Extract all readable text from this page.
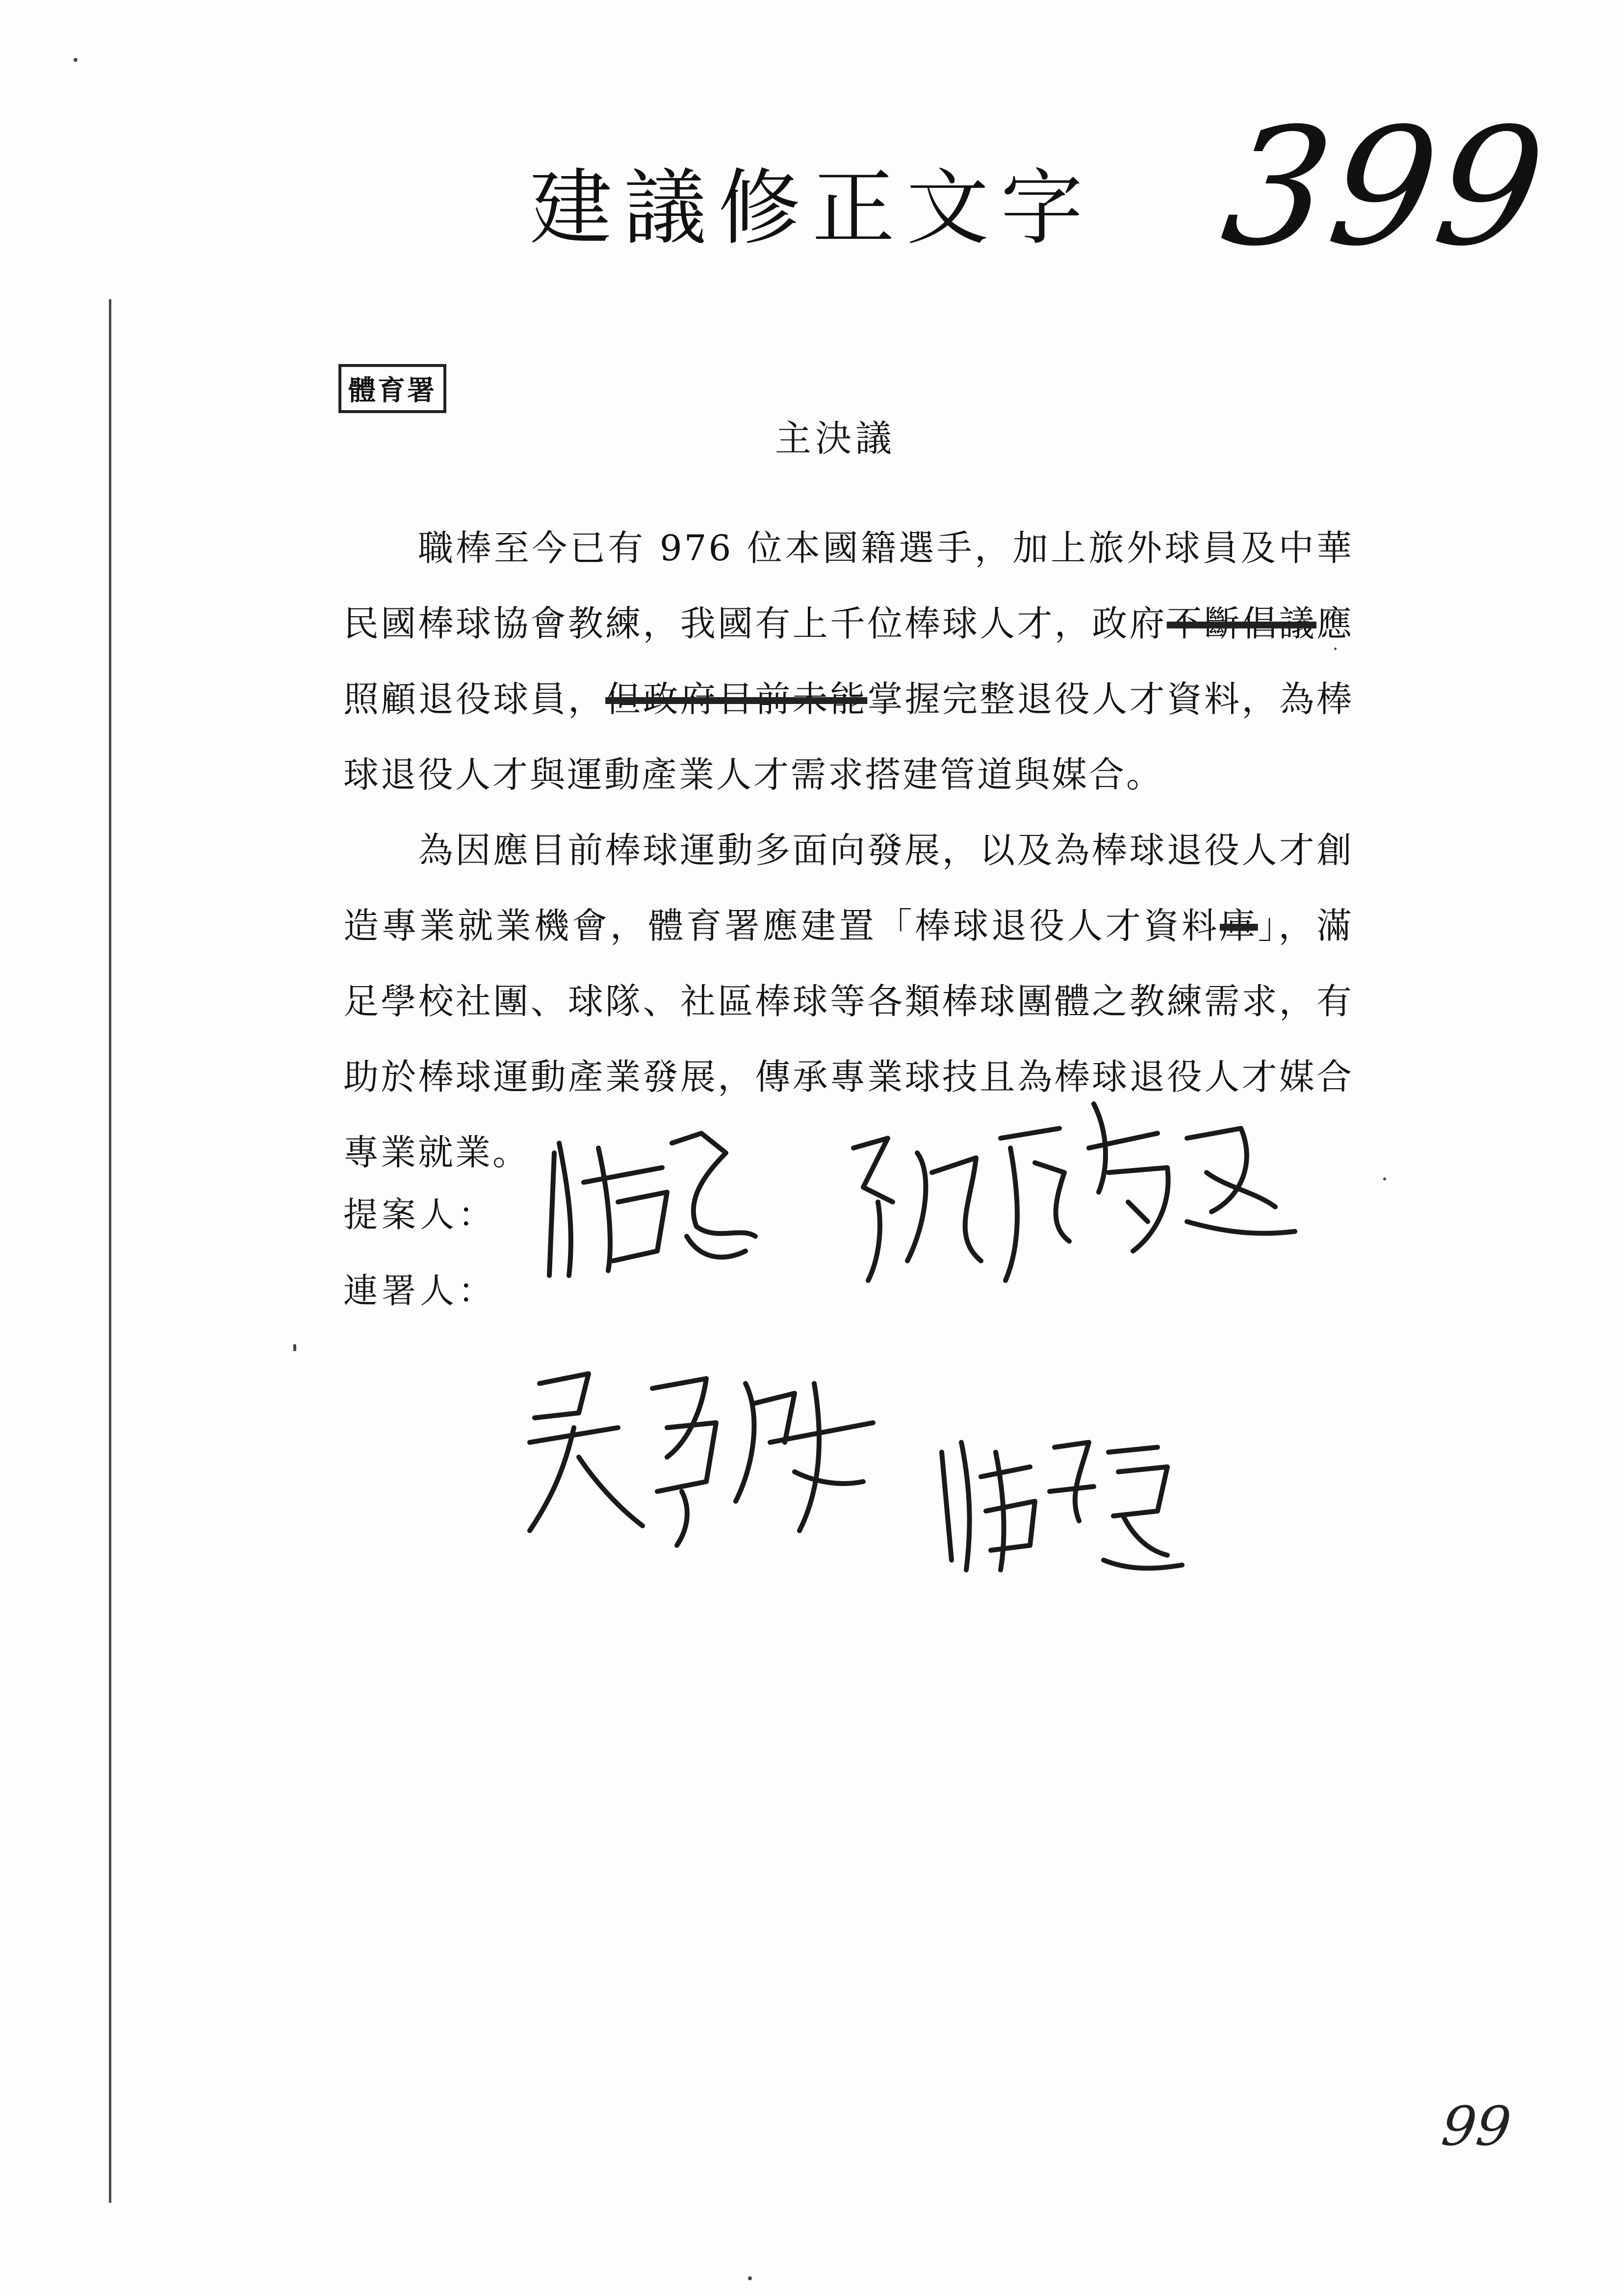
建議修正文字 399
體育署
主決議

職棒至今已有 976 位本國籍選手，加上旅外球員及中華民國棒球協會教練，我國有上千位棒球人才，政府不斷倡議應照顧退役球員，但政府目前未能掌握完整退役人才資料，為棒球退役人才與運動產業人才需求搭建管道與媒合。

為因應目前棒球運動多面向發展，以及為棒球退役人才創造專業就業機會，體育署應建置「棒球退役人才資料庫」，滿足學校社團、球隊、社區棒球等各類棒球團體之教練需求，有助於棒球運動產業發展，傳承專業球技且為棒球退役人才媒合專業就業。

提案人：
連署人：
99
